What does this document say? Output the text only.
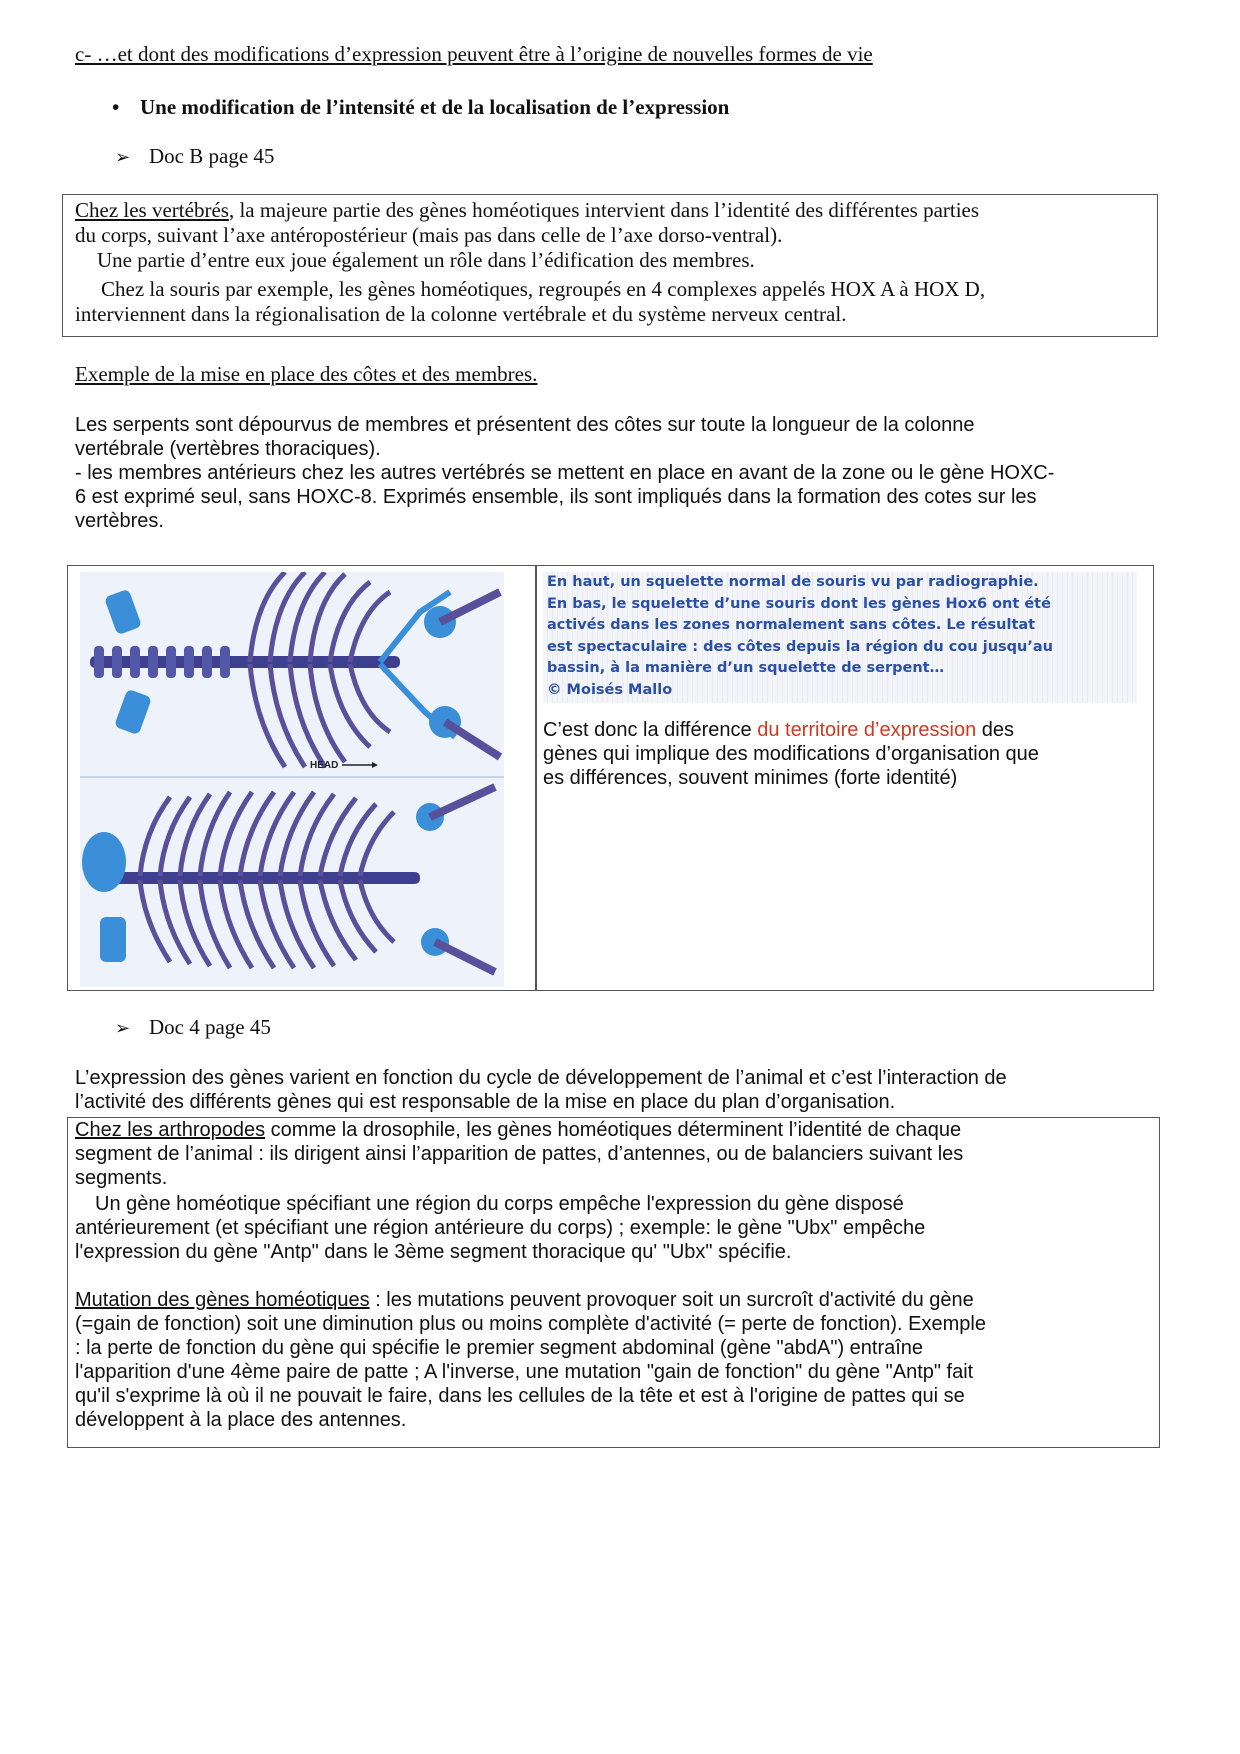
c- …et dont des modifications d’expression peuvent être à l’origine de nouvelles formes de vie
• Une modification de l’intensité et de la localisation de l’expression
➢ Doc B page 45
Chez les vertébrés, la majeure partie des gènes homéotiques intervient dans l’identité des différentes parties
du corps, suivant l’axe antéropostérieur (mais pas dans celle de l’axe dorso-ventral).
Une partie d’entre eux joue également un rôle dans l’édification des membres.
Chez la souris par exemple, les gènes homéotiques, regroupés en 4 complexes appelés HOX A à HOX D,
interviennent dans la régionalisation de la colonne vertébrale et du système nerveux central.
Exemple de la mise en place des côtes et des membres.
Les serpents sont dépourvus de membres et présentent des côtes sur toute la longueur de la colonne
vertébrale (vertèbres thoraciques).
- les membres antérieurs chez les autres vertébrés se mettent en place en avant de la zone ou le gène HOXC-
6 est exprimé seul, sans HOXC-8. Exprimés ensemble, ils sont impliqués dans la formation des cotes sur les
vertèbres.
HEAD
En haut, un squelette normal de souris vu par radiographie.
En bas, le squelette d’une souris dont les gènes Hox6 ont été
activés dans les zones normalement sans côtes. Le résultat
est spectaculaire : des côtes depuis la région du cou jusqu’au
bassin, à la manière d’un squelette de serpent…
© Moisés Mallo
C’est donc la différence du territoire d’expression des
gènes qui implique des modifications d’organisation que
es différences, souvent minimes (forte identité)
➢ Doc 4 page 45
L’expression des gènes varient en fonction du cycle de développement de l’animal et c’est l’interaction de
l’activité des différents gènes qui est responsable de la mise en place du plan d’organisation.
Chez les arthropodes comme la drosophile, les gènes homéotiques déterminent l’identité de chaque
segment de l’animal : ils dirigent ainsi l’apparition de pattes, d’antennes, ou de balanciers suivant les
segments.
Un gène homéotique spécifiant une région du corps empêche l'expression du gène disposé
antérieurement (et spécifiant une région antérieure du corps) ; exemple: le gène "Ubx" empêche
l'expression du gène "Antp" dans le 3ème segment thoracique qu' "Ubx" spécifie.
Mutation des gènes homéotiques : les mutations peuvent provoquer soit un surcroît d'activité du gène
(=gain de fonction) soit une diminution plus ou moins complète d'activité (= perte de fonction). Exemple
: la perte de fonction du gène qui spécifie le premier segment abdominal (gène "abdA") entraîne
l'apparition d'une 4ème paire de patte ; A l'inverse, une mutation "gain de fonction" du gène "Antp" fait
qu'il s'exprime là où il ne pouvait le faire, dans les cellules de la tête et est à l'origine de pattes qui se
développent à la place des antennes.
